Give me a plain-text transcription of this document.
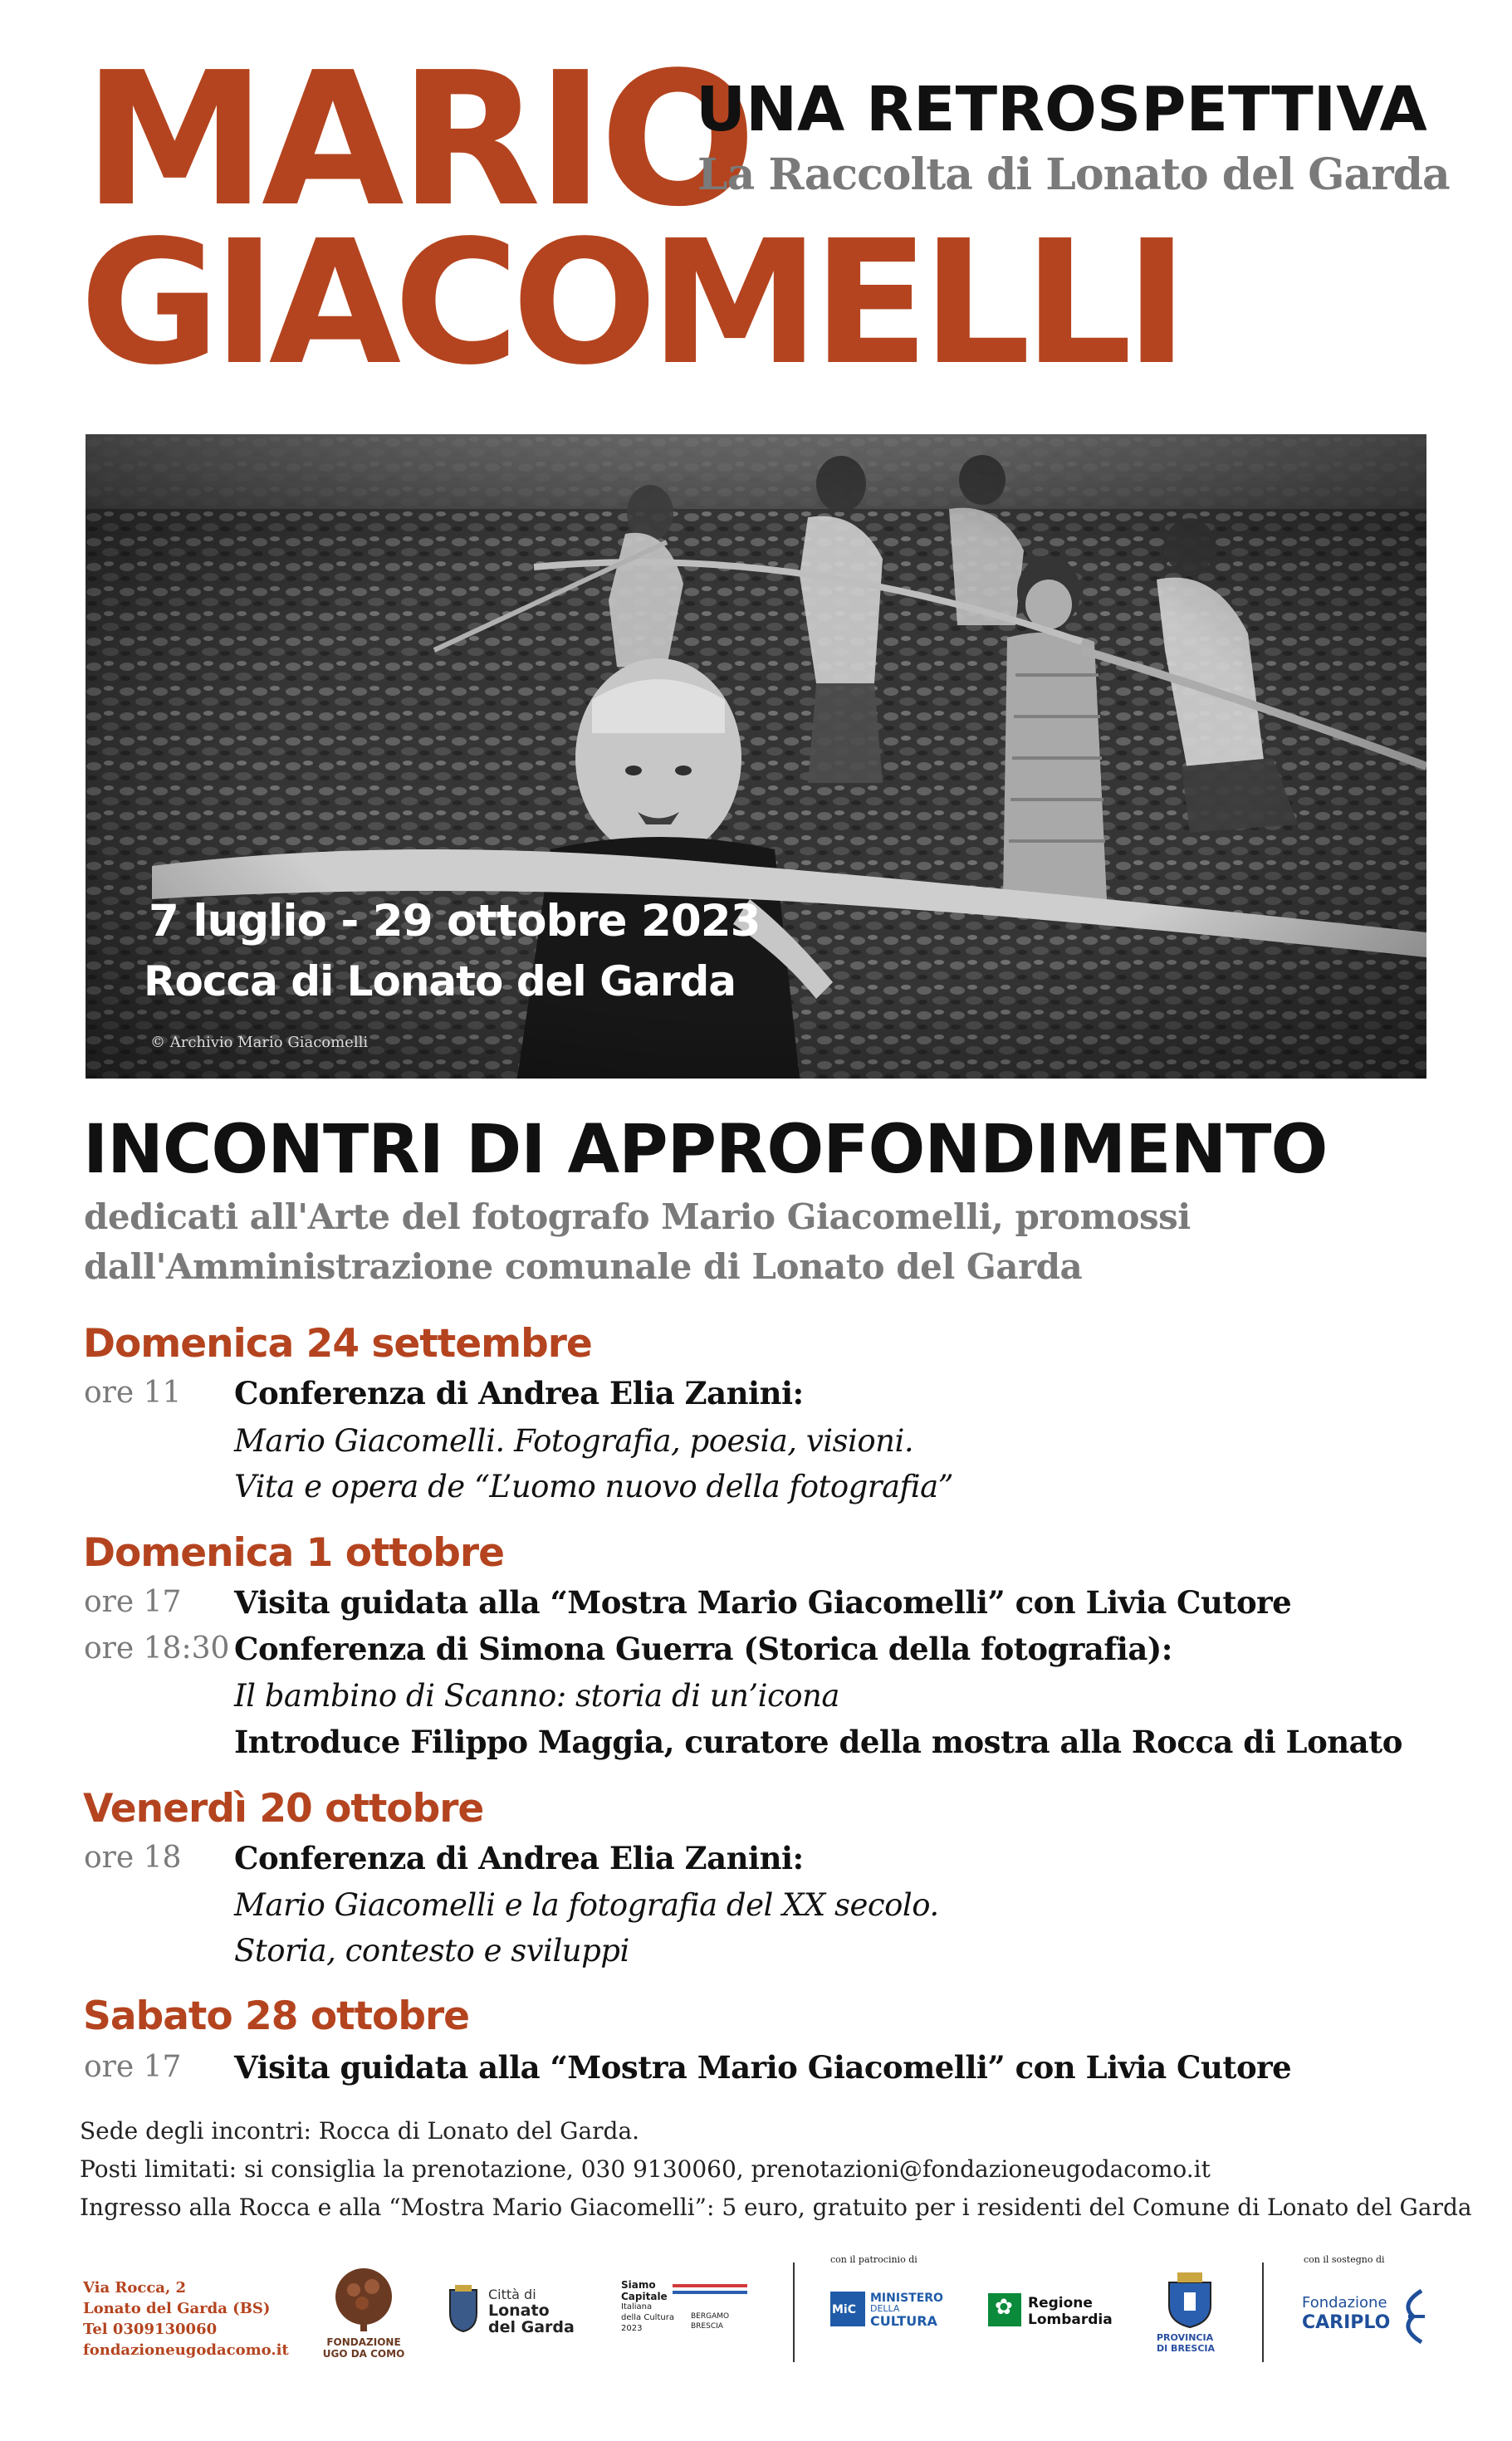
MARIO
UNA RETROSPETTIVA
La Raccolta di Lonato del Garda
GIACOMELLI
7 luglio - 29 ottobre 2023
Rocca di Lonato del Garda
© Archivio Mario Giacomelli
INCONTRI DI APPROFONDIMENTO
dedicati all'Arte del fotografo Mario Giacomelli, promossi
dall'Amministrazione comunale di Lonato del Garda
Domenica 24 settembre
ore 11 Conferenza di Andrea Elia Zanini:
Mario Giacomelli. Fotografia, poesia, visioni.
Vita e opera de “L’uomo nuovo della fotografia”
Domenica 1 ottobre
ore 17 Visita guidata alla “Mostra Mario Giacomelli” con Livia Cutore
ore 18:30 Conferenza di Simona Guerra (Storica della fotografia):
Il bambino di Scanno: storia di un’icona
Introduce Filippo Maggia, curatore della mostra alla Rocca di Lonato
Venerdì 20 ottobre
ore 18 Conferenza di Andrea Elia Zanini:
Mario Giacomelli e la fotografia del XX secolo.
Storia, contesto e sviluppi
Sabato 28 ottobre
ore 17 Visita guidata alla “Mostra Mario Giacomelli” con Livia Cutore
Sede degli incontri: Rocca di Lonato del Garda.
Posti limitati: si consiglia la prenotazione, 030 9130060, prenotazioni@fondazioneugodacomo.it
Ingresso alla Rocca e alla “Mostra Mario Giacomelli”: 5 euro, gratuito per i residenti del Comune di Lonato del Garda
Via Rocca, 2
Lonato del Garda (BS)
Tel 0309130060
fondazioneugodacomo.it	FONDAZIONE
UGO DA COMO
Città di
Lonato
del Garda
Siamo
Capitale
Italiana
della Cultura
2023
BERGAMO
BRESCIA
con il patrocinio di
MiC
MINISTERO
DELLA
CULTURA
✿ Regione
Lombardia
PROVINCIA
DI BRESCIA
con il sostegno di
Fondazione
CARIPLO
